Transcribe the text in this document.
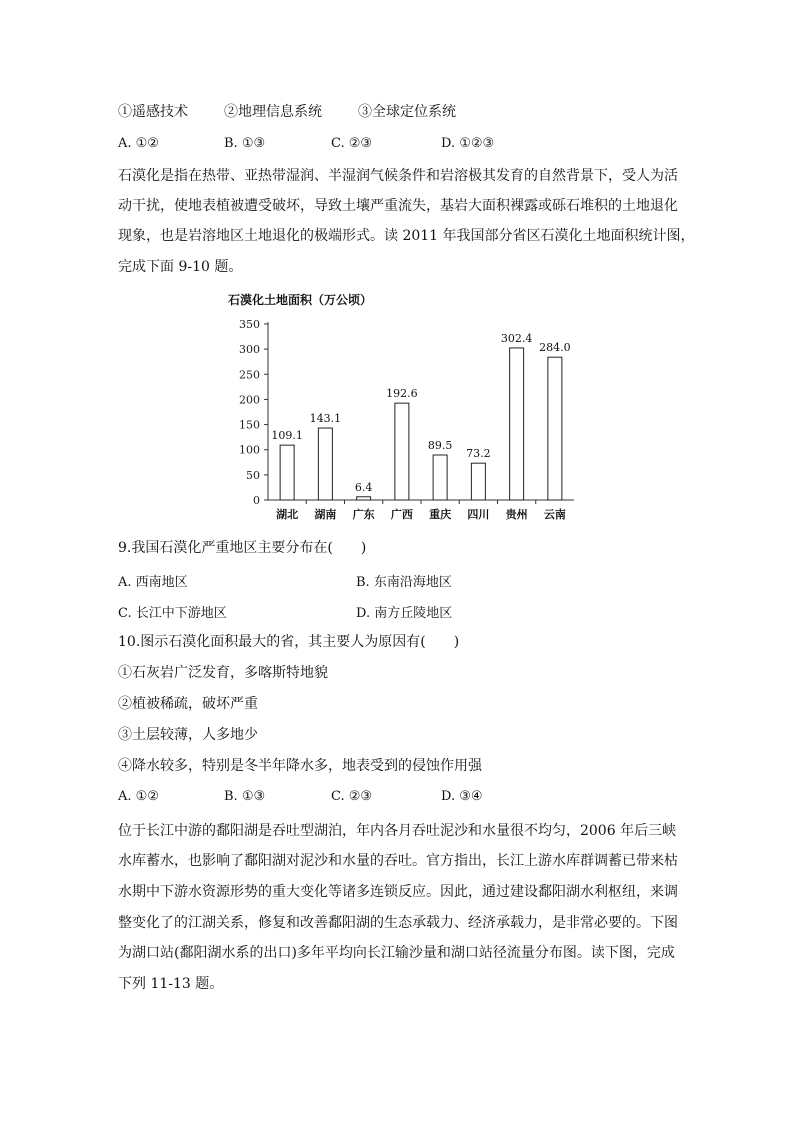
①遥感技术	②地理信息系统	③全球定位系统
A. ①②	B. ①③	C. ②③	D. ①②③
石漠化是指在热带、亚热带湿润、半湿润气候条件和岩溶极其发育的自然背景下，受人为活
动干扰，使地表植被遭受破坏，导致土壤严重流失，基岩大面积裸露或砾石堆积的土地退化
现象，也是岩溶地区土地退化的极端形式。读 2011 年我国部分省区石漠化土地面积统计图，
完成下面 9-10 题。
石漠化土地面积（万公顷）
0
50
100
150
200
250
300
350
109.1
143.1
6.4
192.6
89.5
73.2
302.4
284.0
湖北 湖南 广东 广西 重庆 四川 贵州 云南
9.我国石漠化严重地区主要分布在(　　)
A. 西南地区	B. 东南沿海地区
C. 长江中下游地区	D. 南方丘陵地区
10.图示石漠化面积最大的省，其主要人为原因有(　　)
①石灰岩广泛发育，多喀斯特地貌
②植被稀疏，破坏严重
③土层较薄，人多地少
④降水较多，特别是冬半年降水多，地表受到的侵蚀作用强
A. ①②	B. ①③	C. ②③	D. ③④
位于长江中游的鄱阳湖是吞吐型湖泊，年内各月吞吐泥沙和水量很不均匀，2006 年后三峡
水库蓄水，也影响了鄱阳湖对泥沙和水量的吞吐。官方指出，长江上游水库群调蓄已带来枯
水期中下游水资源形势的重大变化等诸多连锁反应。因此，通过建设鄱阳湖水利枢纽，来调
整变化了的江湖关系，修复和改善鄱阳湖的生态承载力、经济承载力，是非常必要的。下图
为湖口站(鄱阳湖水系的出口)多年平均向长江输沙量和湖口站径流量分布图。读下图，完成
下列 11-13 题。
